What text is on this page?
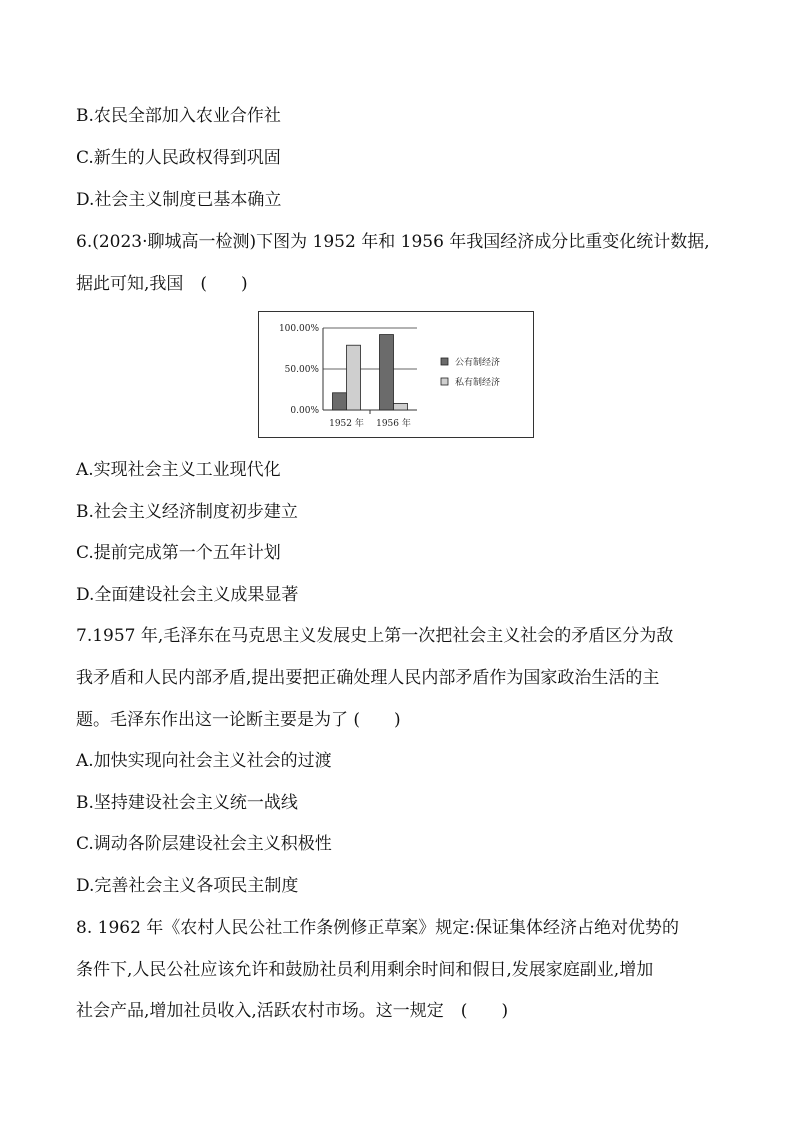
B.农民全部加入农业合作社
C.新生的人民政权得到巩固
D.社会主义制度已基本确立
6.(2023·聊城高一检测)下图为 1952 年和 1956 年我国经济成分比重变化统计数据,
据此可知,我国　(　　)
0.00%
50.00%
100.00%
1952 年 1956 年
公有制经济
私有制经济
A.实现社会主义工业现代化
B.社会主义经济制度初步建立
C.提前完成第一个五年计划
D.全面建设社会主义成果显著
7.1957 年,毛泽东在马克思主义发展史上第一次把社会主义社会的矛盾区分为敌
我矛盾和人民内部矛盾,提出要把正确处理人民内部矛盾作为国家政治生活的主
题。毛泽东作出这一论断主要是为了 (　　)
A.加快实现向社会主义社会的过渡
B.坚持建设社会主义统一战线
C.调动各阶层建设社会主义积极性
D.完善社会主义各项民主制度
8. 1962 年《农村人民公社工作条例修正草案》规定:保证集体经济占绝对优势的
条件下,人民公社应该允许和鼓励社员利用剩余时间和假日,发展家庭副业,增加
社会产品,增加社员收入,活跃农村市场。这一规定　(　　)
